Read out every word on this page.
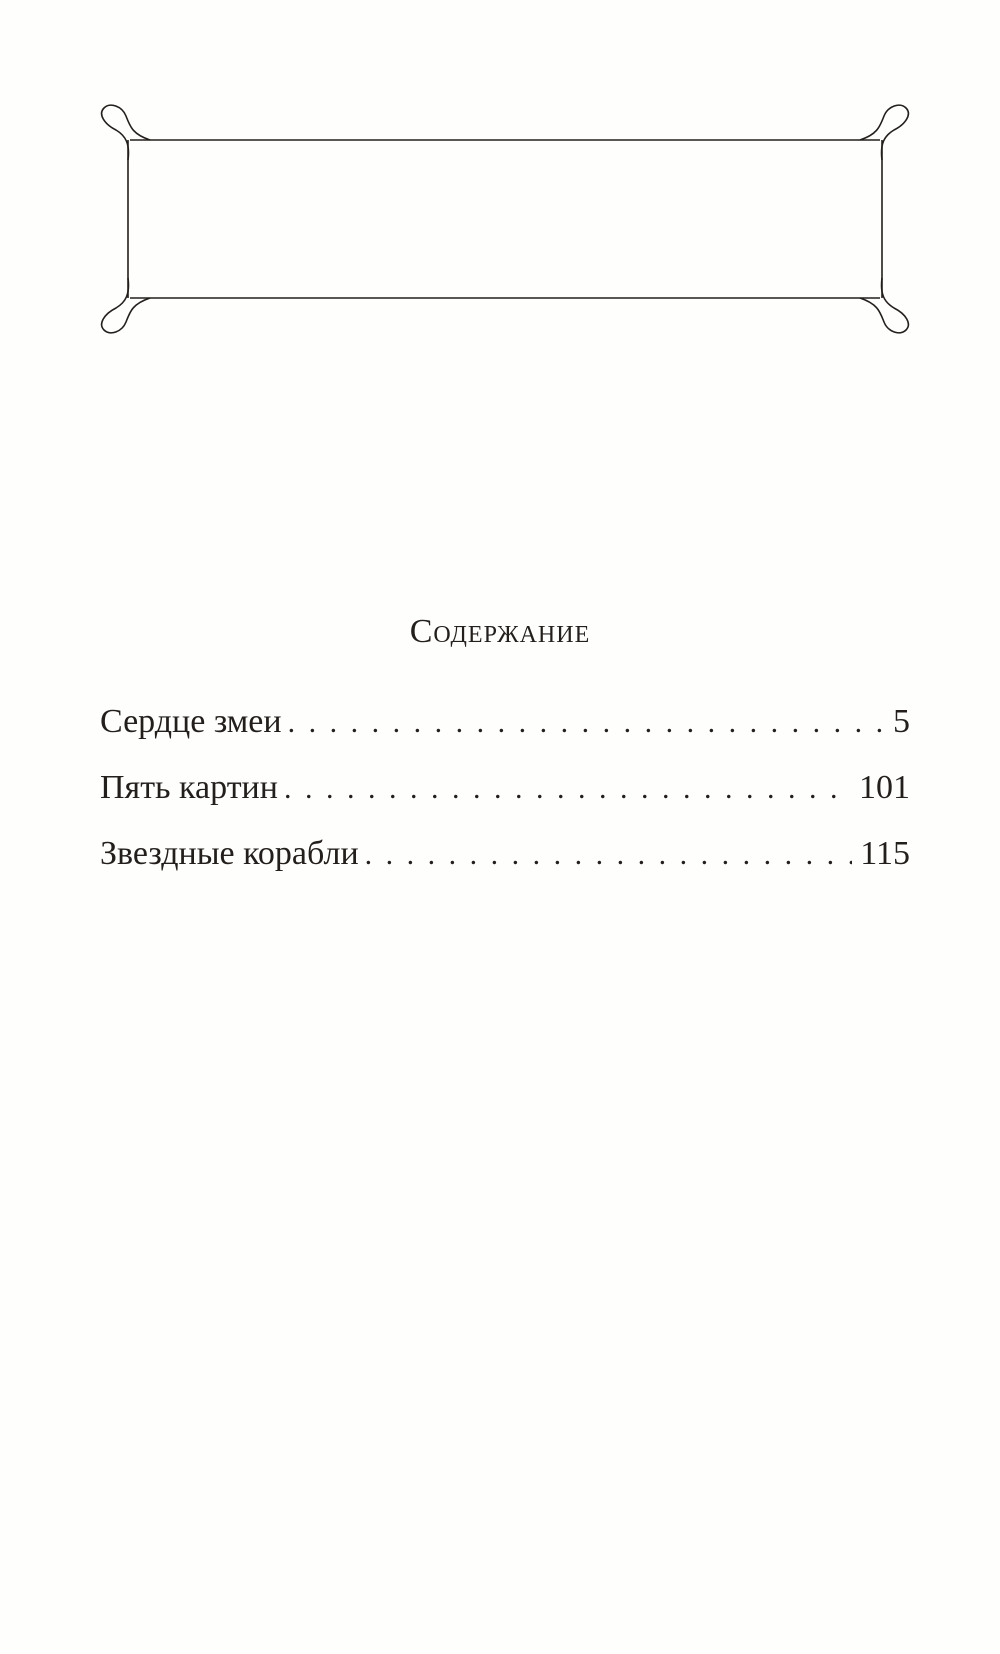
Содержание
Сердце змеи . . .	5
Пять картин . . .	101
Звездные корабли . . .	115
